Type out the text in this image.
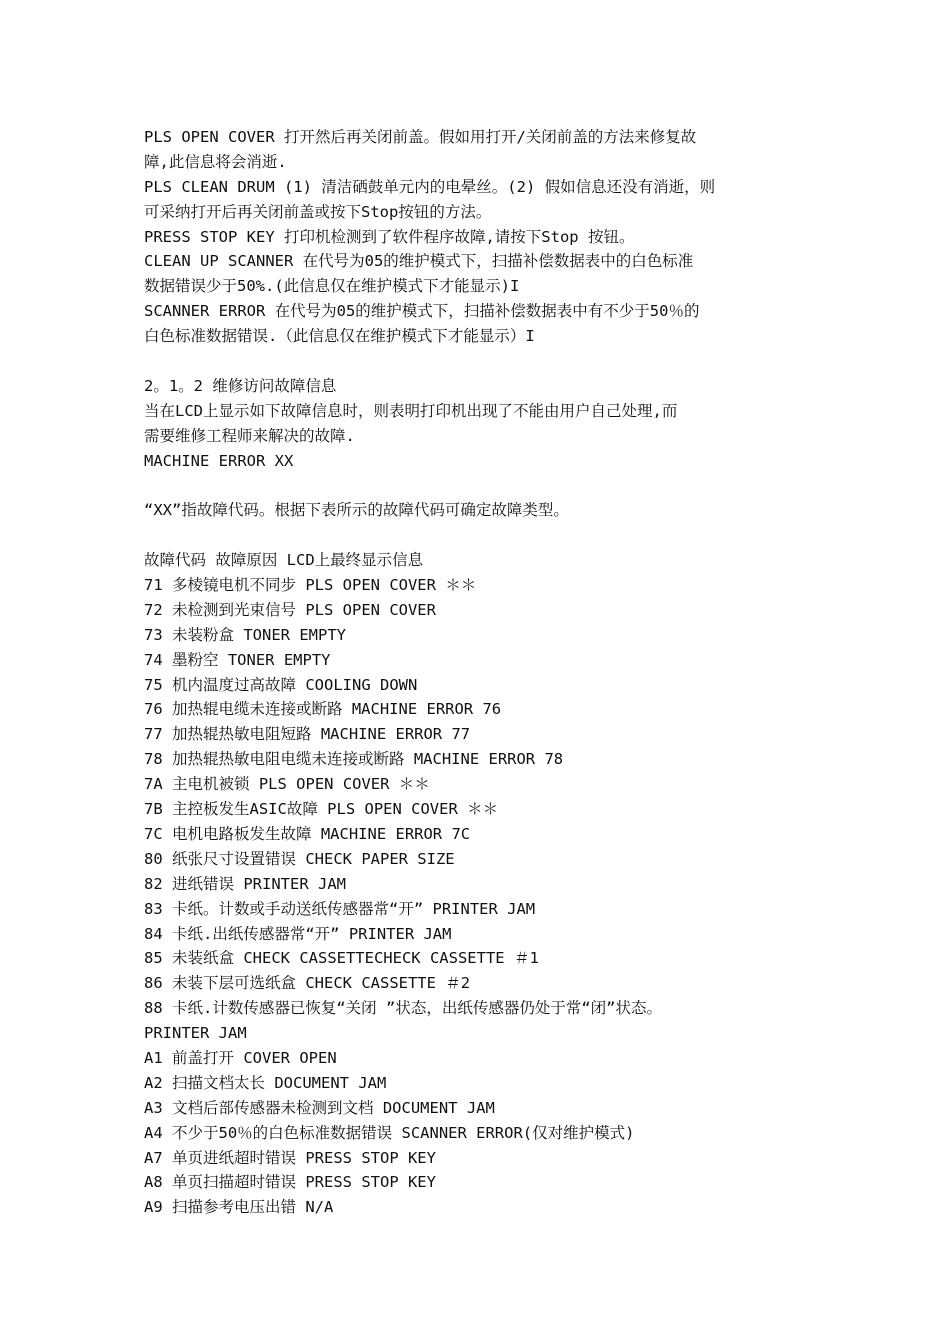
PLS OPEN COVER 打开然后再关闭前盖。假如用打开/关闭前盖的方法来修复故
障,此信息将会消逝.
PLS CLEAN DRUM (1) 清洁硒鼓单元内的电晕丝。(2) 假如信息还没有消逝，则
可采纳打开后再关闭前盖或按下Stop按钮的方法。
PRESS STOP KEY 打印机检测到了软件程序故障,请按下Stop 按钮。
CLEAN UP SCANNER 在代号为05的维护模式下，扫描补偿数据表中的白色标准
数据错误少于50%.(此信息仅在维护模式下才能显示)I
SCANNER ERROR 在代号为05的维护模式下，扫描补偿数据表中有不少于50％的
白色标准数据错误.（此信息仅在维护模式下才能显示）I
2。1。2 维修访问故障信息
当在LCD上显示如下故障信息时，则表明打印机出现了不能由用户自己处理,而
需要维修工程师来解决的故障.
MACHINE ERROR XX
“XX”指故障代码。根据下表所示的故障代码可确定故障类型。
故障代码 故障原因 LCD上最终显示信息
71 多棱镜电机不同步 PLS OPEN COVER ＊＊
72 未检测到光束信号 PLS OPEN COVER
73 未装粉盒 TONER EMPTY
74 墨粉空 TONER EMPTY
75 机内温度过高故障 COOLING DOWN
76 加热辊电缆未连接或断路 MACHINE ERROR 76
77 加热辊热敏电阻短路 MACHINE ERROR 77
78 加热辊热敏电阻电缆未连接或断路 MACHINE ERROR 78
7A 主电机被锁 PLS OPEN COVER ＊＊
7B 主控板发生ASIC故障 PLS OPEN COVER ＊＊
7C 电机电路板发生故障 MACHINE ERROR 7C
80 纸张尺寸设置错误 CHECK PAPER SIZE
82 进纸错误 PRINTER JAM
83 卡纸。计数或手动送纸传感器常“开” PRINTER JAM
84 卡纸.出纸传感器常“开” PRINTER JAM
85 未装纸盒 CHECK CASSETTECHECK CASSETTE ＃1
86 未装下层可选纸盒 CHECK CASSETTE ＃2
88 卡纸.计数传感器已恢复“关闭 ”状态，出纸传感器仍处于常“闭”状态。
PRINTER JAM
A1 前盖打开 COVER OPEN
A2 扫描文档太长 DOCUMENT JAM
A3 文档后部传感器未检测到文档 DOCUMENT JAM
A4 不少于50％的白色标准数据错误 SCANNER ERROR(仅对维护模式)
A7 单页进纸超时错误 PRESS STOP KEY
A8 单页扫描超时错误 PRESS STOP KEY
A9 扫描参考电压出错 N/A
